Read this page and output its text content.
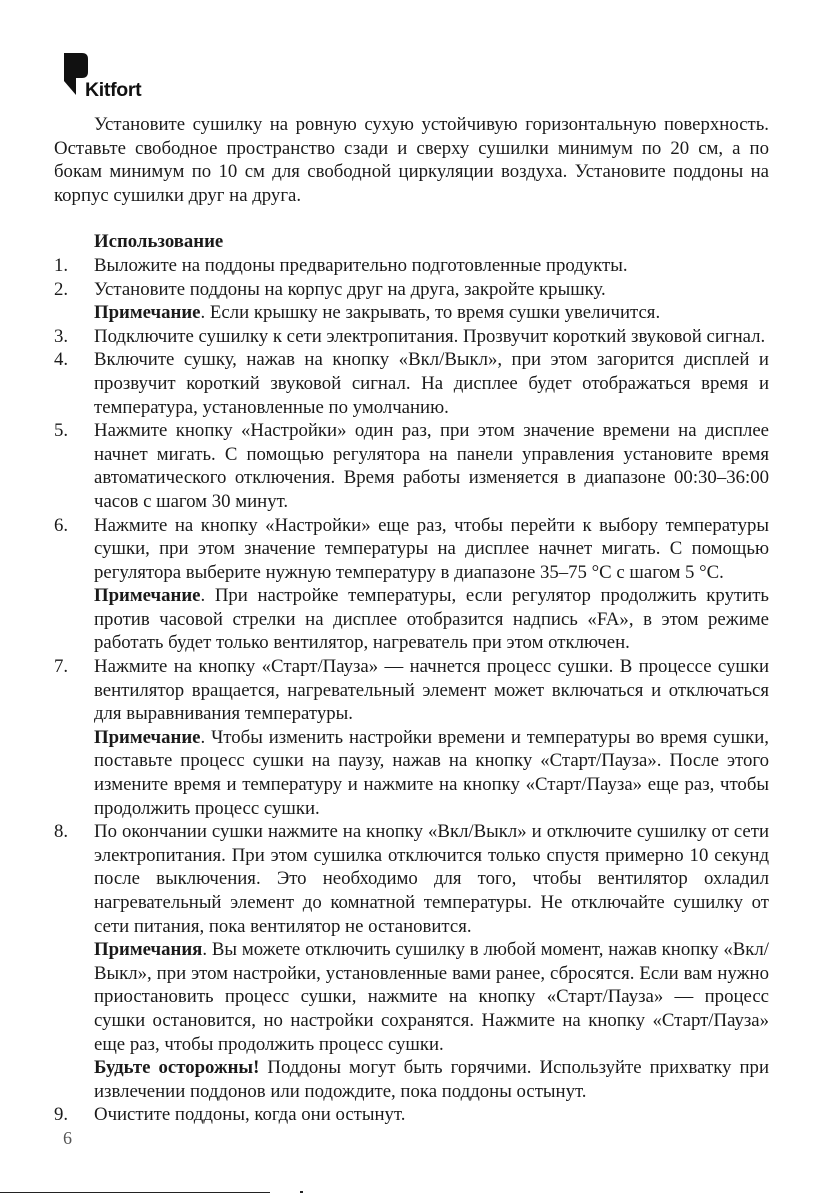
Kitfort

Установите сушилку на ровную сухую устойчивую горизонтальную поверхность. Оставьте свободное пространство сзади и сверху сушилки минимум по 20 см, а по бокам минимум по 10 см для свободной циркуляции воздуха. Установите поддоны на корпус сушилки друг на друга.

Использование

1. Выложите на поддоны предварительно подготовленные продукты.

2. Установите поддоны на корпус друг на друга, закройте крышку.

Примечание. Если крышку не закрывать, то время сушки увеличится.

3. Подключите сушилку к сети электропитания. Прозвучит короткий звуковой сигнал.

4. Включите сушку, нажав на кнопку «Вкл/Выкл», при этом загорится дисплей и прозвучит короткий звуковой сигнал. На дисплее будет отображаться время и температура, установленные по умолчанию.

5. Нажмите кнопку «Настройки» один раз, при этом значение времени на дисплее начнет мигать. С помощью регулятора на панели управления установите время автоматического отключения. Время работы изменяется в диапазоне 00:30–36:00 часов с шагом 30 минут.

6. Нажмите на кнопку «Настройки» еще раз, чтобы перейти к выбору температуры сушки, при этом значение температуры на дисплее начнет мигать. С помощью регулятора выберите нужную температуру в диапазоне 35–75 °С с шагом 5 °С.

Примечание. При настройке температуры, если регулятор продолжить крутить против часовой стрелки на дисплее отобразится надпись «FA», в этом режиме работать будет только вентилятор, нагреватель при этом отключен.

7. Нажмите на кнопку «Старт/Пауза» — начнется процесс сушки. В процессе сушки вентилятор вращается, нагревательный элемент может включаться и отключаться для выравнивания температуры.

Примечание. Чтобы изменить настройки времени и температуры во время сушки, поставьте процесс сушки на паузу, нажав на кнопку «Старт/Пауза». После этого измените время и температуру и нажмите на кнопку «Старт/Пауза» еще раз, чтобы продолжить процесс сушки.

8. По окончании сушки нажмите на кнопку «Вкл/Выкл» и отключите сушилку от сети электропитания. При этом сушилка отключится только спустя примерно 10 секунд после выключения. Это необходимо для того, чтобы вентилятор охладил нагревательный элемент до комнатной температуры. Не отключайте сушилку от сети питания, пока вентилятор не остановится.

Примечания. Вы можете отключить сушилку в любой момент, нажав кнопку «Вкл/Выкл», при этом настройки, установленные вами ранее, сбросятся. Если вам нужно приостановить процесс сушки, нажмите на кнопку «Старт/Пауза» — процесс сушки остановится, но настройки сохранятся. Нажмите на кнопку «Старт/Пауза» еще раз, чтобы продолжить процесс сушки.

Будьте осторожны! Поддоны могут быть горячими. Используйте прихватку при извлечении поддонов или подождите, пока поддоны остынут.

9. Очистите поддоны, когда они остынут.

6
